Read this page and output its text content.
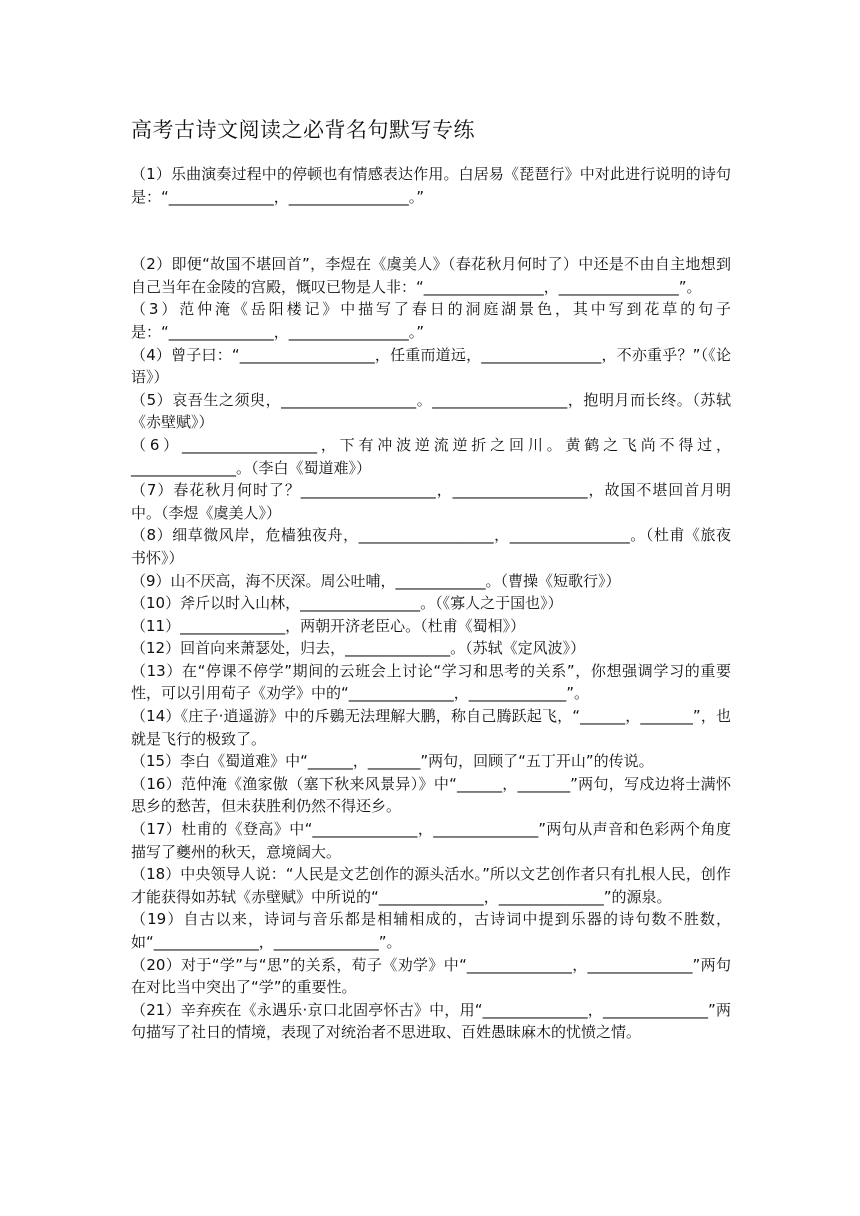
高考古诗文阅读之必背名句默写专练

（1）乐曲演奏过程中的停顿也有情感表达作用。白居易《琵琶行》中对此进行说明的诗句是：“______________，________________。”

（2）即便“故国不堪回首”，李煜在《虞美人》（春花秋月何时了）中还是不由自主地想到自己当年在金陵的宫殿，慨叹已物是人非：“________________，________________”。

（3）范仲淹《岳阳楼记》中描写了春日的洞庭湖景色，其中写到花草的句子是：“______________，________________。”

（4）曾子曰：“__________________，任重而道远，________________，不亦重乎？”（《论语》）

（5）哀吾生之须臾，__________________。__________________，抱明月而长终。（苏轼《赤壁赋》）

（6）__________________，下有冲波逆流逆折之回川。黄鹤之飞尚不得过，______________。（李白《蜀道难》）

（7）春花秋月何时了？__________________，__________________，故国不堪回首月明中。（李煜《虞美人》）

（8）细草微风岸，危樯独夜舟，__________________，________________。（杜甫《旅夜书怀》）

（9）山不厌高，海不厌深。周公吐哺，____________。（曹操《短歌行》）

（10）斧斤以时入山林，________________。（《寡人之于国也》）

（11）______________，两朝开济老臣心。（杜甫《蜀相》）

（12）回首向来萧瑟处，归去，______________。（苏轼《定风波》）

（13）在“停课不停学”期间的云班会上讨论“学习和思考的关系”，你想强调学习的重要性，可以引用荀子《劝学》中的“______________，_____________”。

（14）《庄子·逍遥游》中的斥鷃无法理解大鹏，称自己腾跃起飞，“______，_______”，也就是飞行的极致了。

（15）李白《蜀道难》中“______，_______”两句，回顾了“五丁开山”的传说。

（16）范仲淹《渔家傲（塞下秋来风景异）》中“______，_______”两句，写戍边将士满怀思乡的愁苦，但未获胜利仍然不得还乡。

（17）杜甫的《登高》中“______________，______________”两句从声音和色彩两个角度描写了夔州的秋天，意境阔大。

（18）中央领导人说：“人民是文艺创作的源头活水。”所以文艺创作者只有扎根人民，创作才能获得如苏轼《赤壁赋》中所说的“______________，______________”的源泉。

（19）自古以来，诗词与音乐都是相辅相成的，古诗词中提到乐器的诗句数不胜数，如“______________，______________”。

（20）对于“学”与“思”的关系，荀子《劝学》中“______________，______________”两句在对比当中突出了“学”的重要性。

（21）辛弃疾在《永遇乐·京口北固亭怀古》中，用“______________，______________”两句描写了社日的情境，表现了对统治者不思进取、百姓愚昧麻木的忧愤之情。
